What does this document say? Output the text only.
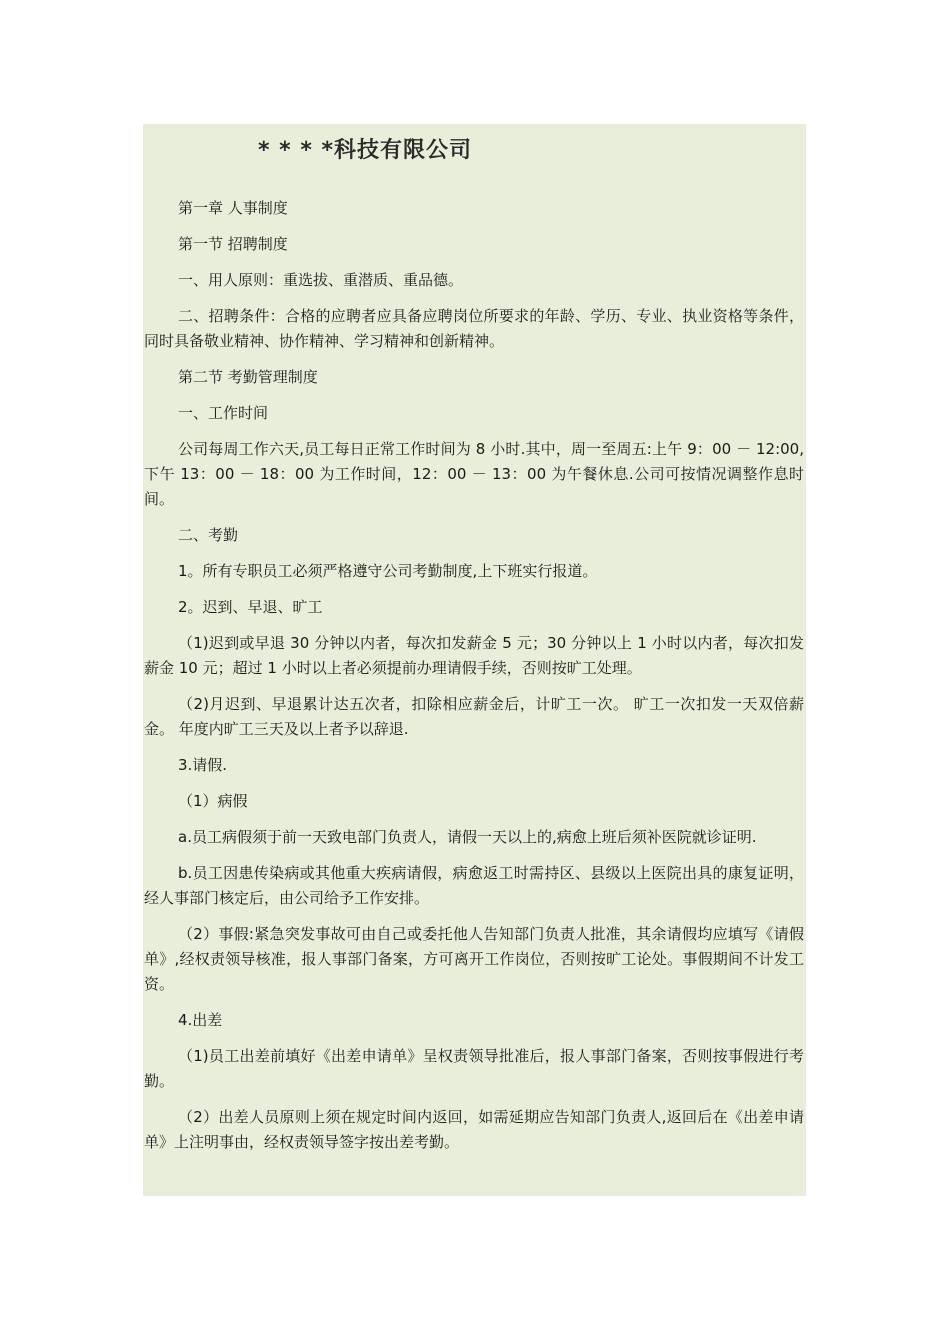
* * * *科技有限公司

第一章 人事制度

第一节 招聘制度

一、用人原则：重选拔、重潜质、重品德。

二、招聘条件：合格的应聘者应具备应聘岗位所要求的年龄、学历、专业、执业资格等条件，同时具备敬业精神、协作精神、学习精神和创新精神。

第二节 考勤管理制度

一、工作时间

公司每周工作六天,员工每日正常工作时间为 8 小时.其中，周一至周五:上午 9：00 － 12:00,下午 13：00 － 18：00 为工作时间，12：00 － 13：00 为午餐休息.公司可按情况调整作息时间。

二、考勤

1。所有专职员工必须严格遵守公司考勤制度,上下班实行报道。

2。迟到、早退、旷工

（1)迟到或早退 30 分钟以内者，每次扣发薪金 5 元；30 分钟以上 1 小时以内者，每次扣发薪金 10 元；超过 1 小时以上者必须提前办理请假手续，否则按旷工处理。

（2)月迟到、早退累计达五次者，扣除相应薪金后，计旷工一次。 旷工一次扣发一天双倍薪金。 年度内旷工三天及以上者予以辞退.

3.请假.

（1）病假

a.员工病假须于前一天致电部门负责人，请假一天以上的,病愈上班后须补医院就诊证明.

b.员工因患传染病或其他重大疾病请假，病愈返工时需持区、县级以上医院出具的康复证明，经人事部门核定后，由公司给予工作安排。

（2）事假:紧急突发事故可由自己或委托他人告知部门负责人批准，其余请假均应填写《请假单》,经权责领导核准，报人事部门备案，方可离开工作岗位，否则按旷工论处。事假期间不计发工资。

4.出差

（1)员工出差前填好《出差申请单》呈权责领导批准后，报人事部门备案，否则按事假进行考勤。

（2）出差人员原则上须在规定时间内返回，如需延期应告知部门负责人,返回后在《出差申请单》上注明事由，经权责领导签字按出差考勤。
